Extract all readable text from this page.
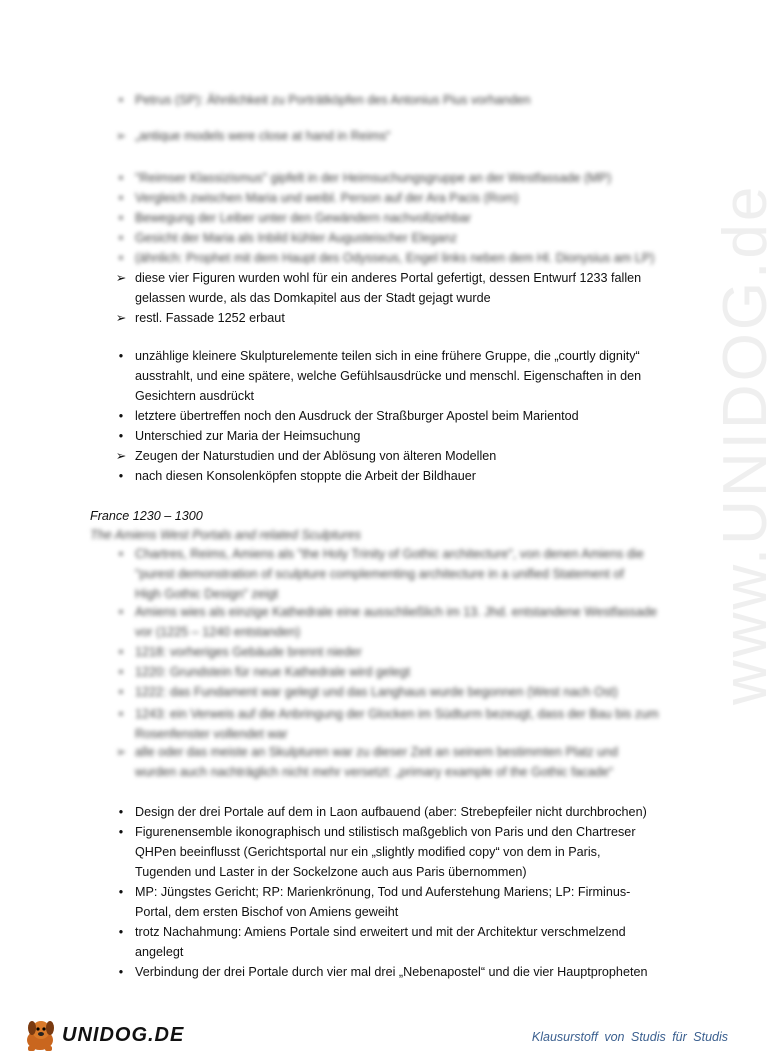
www.UNIDOG.de
• Petrus (SP): Ähnlichkeit zu Porträtköpfen des Antonius Pius vorhanden
➢ „antique models were close at hand in Reims“
• "Reimser Klassizismus" gipfelt in der Heimsuchungsgruppe an der Westfassade (MP)
• Vergleich zwischen Maria und weibl. Person auf der Ara Pacis (Rom)
• Bewegung der Leiber unter den Gewändern nachvollziehbar
• Gesicht der Maria als Inbild kühler Augusteischer Eleganz
• (ähnlich: Prophet mit dem Haupt des Odysseus, Engel links neben dem Hl. Dionysius am LP)
➢ diese vier Figuren wurden wohl für ein anderes Portal gefertigt, dessen Entwurf 1233 fallen
gelassen wurde, als das Domkapitel aus der Stadt gejagt wurde
➢ restl. Fassade 1252 erbaut
• unzählige kleinere Skulpturelemente teilen sich in eine frühere Gruppe, die „courtly dignity“
ausstrahlt, und eine spätere, welche Gefühlsausdrücke und menschl. Eigenschaften in den
Gesichtern ausdrückt
• letztere übertreffen noch den Ausdruck der Straßburger Apostel beim Marientod
• Unterschied zur Maria der Heimsuchung
➢ Zeugen der Naturstudien und der Ablösung von älteren Modellen
• nach diesen Konsolenköpfen stoppte die Arbeit der Bildhauer
• Chartres, Reims, Amiens als "the Holy Trinity of Gothic architecture", von denen Amiens die
"purest demonstration of sculpture complementing architecture in a unified Statement of
High Gothic Design" zeigt
• Amiens wies als einzige Kathedrale eine ausschließlich im 13. Jhd. entstandene Westfassade
vor (1225 – 1240 entstanden)
• 1218: vorheriges Gebäude brennt nieder
• 1220: Grundstein für neue Kathedrale wird gelegt
• 1222: das Fundament war gelegt und das Langhaus wurde begonnen (West nach Ost)
• 1243: ein Verweis auf die Anbringung der Glocken im Südturm bezeugt, dass der Bau bis zum
Rosenfenster vollendet war
➢ alle oder das meiste an Skulpturen war zu dieser Zeit an seinem bestimmten Platz und
wurden auch nachträglich nicht mehr versetzt: „primary example of the Gothic facade“
• Design der drei Portale auf dem in Laon aufbauend (aber: Strebepfeiler nicht durchbrochen)
• Figurenensemble ikonographisch und stilistisch maßgeblich von Paris und den Chartreser
QHPen beeinflusst (Gerichtsportal nur ein „slightly modified copy“ von dem in Paris,
Tugenden und Laster in der Sockelzone auch aus Paris übernommen)
• MP: Jüngstes Gericht; RP: Marienkrönung, Tod und Auferstehung Mariens; LP: Firminus-
Portal, dem ersten Bischof von Amiens geweiht
• trotz Nachahmung: Amiens Portale sind erweitert und mit der Architektur verschmelzend
angelegt
• Verbindung der drei Portale durch vier mal drei „Nebenapostel“ und die vier Hauptpropheten
France 1230 – 1300
The Amiens West Portals and related Sculptures
UNIDOG.DE	Klausurstoff von Studis für Studis
